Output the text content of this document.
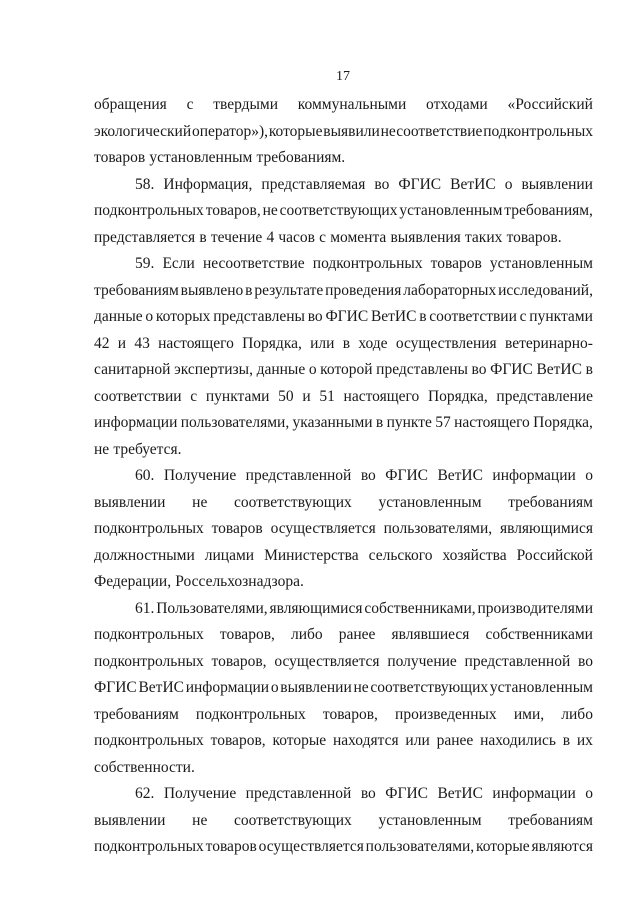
17
обращения с твердыми коммунальными отходами «Российский
экологический оператор»), которые выявили несоответствие подконтрольных
товаров установленным требованиям.
58. Информация, представляемая во ФГИС ВетИС о выявлении
подконтрольных товаров, не соответствующих установленным требованиям,
представляется в течение 4 часов с момента выявления таких товаров.
59. Если несоответствие подконтрольных товаров установленным
требованиям выявлено в результате проведения лабораторных исследований,
данные о которых представлены во ФГИС ВетИС в соответствии с пунктами
42 и 43 настоящего Порядка, или в ходе осуществления ветеринарно-
санитарной экспертизы, данные о которой представлены во ФГИС ВетИС в
соответствии с пунктами 50 и 51 настоящего Порядка, представление
информации пользователями, указанными в пункте 57 настоящего Порядка,
не требуется.
60. Получение представленной во ФГИС ВетИС информации о
выявлении не соответствующих установленным требованиям
подконтрольных товаров осуществляется пользователями, являющимися
должностными лицами Министерства сельского хозяйства Российской
Федерации, Россельхознадзора.
61. Пользователями, являющимися собственниками, производителями
подконтрольных товаров, либо ранее являвшиеся собственниками
подконтрольных товаров, осуществляется получение представленной во
ФГИС ВетИС информации о выявлении не соответствующих установленным
требованиям подконтрольных товаров, произведенных ими, либо
подконтрольных товаров, которые находятся или ранее находились в их
собственности.
62. Получение представленной во ФГИС ВетИС информации о
выявлении не соответствующих установленным требованиям
подконтрольных товаров осуществляется пользователями, которые являются
